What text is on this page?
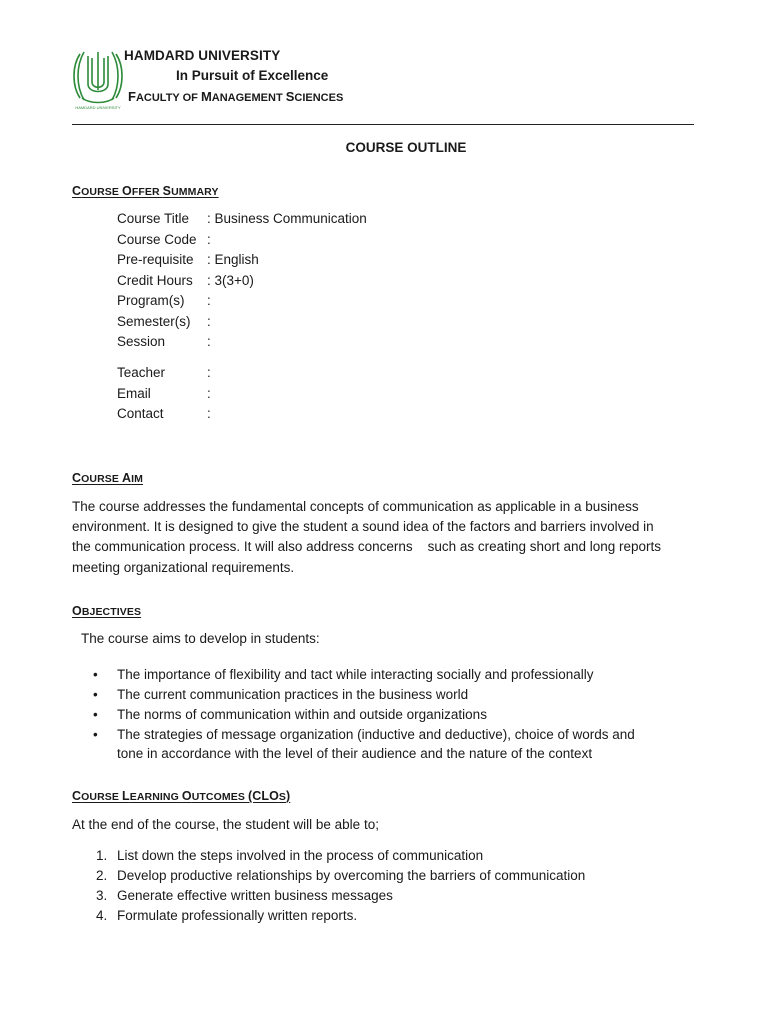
HAMDARD UNIVERSITY
HAMDARD UNIVERSITY
In Pursuit of Excellence
FACULTY OF MANAGEMENT SCIENCES
COURSE OUTLINE
COURSE OFFER SUMMARY
Course Title : Business Communication
Course Code :
Pre-requisite : English
Credit Hours : 3(3+0)
Program(s) :
Semester(s) :
Session	:
Teacher	:
Email	:
Contact	:
COURSE AIM
The course addresses the fundamental concepts of communication as applicable in a business
environment. It is designed to give the student a sound idea of the factors and barriers involved in
the communication process. It will also address concerns    such as creating short and long reports
meeting organizational requirements.
OBJECTIVES
The course aims to develop in students:
• The importance of flexibility and tact while interacting socially and professionally
• The current communication practices in the business world
• The norms of communication within and outside organizations
• The strategies of message organization (inductive and deductive), choice of words and
tone in accordance with the level of their audience and the nature of the context
COURSE LEARNING OUTCOMES (CLOS)
At the end of the course, the student will be able to;
1. List down the steps involved in the process of communication
2. Develop productive relationships by overcoming the barriers of communication
3. Generate effective written business messages
4. Formulate professionally written reports.
